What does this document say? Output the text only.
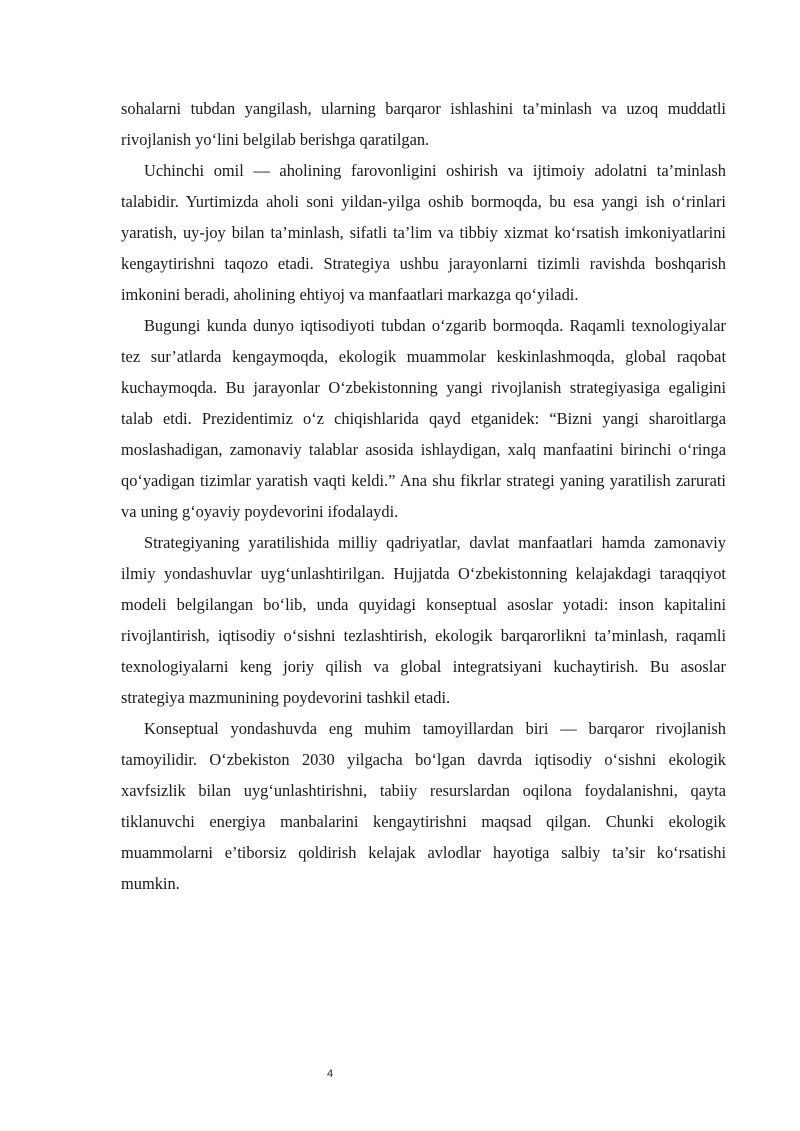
sohalarni tubdan yangilash, ularning barqaror ishlashini ta’minlash va uzoq muddatli rivojlanish yo‘lini belgilab berishga qaratilgan.

Uchinchi omil — aholining farovonligini oshirish va ijtimoiy adolatni ta’minlash talabidir. Yurtimizda aholi soni yildan-yilga oshib bormoqda, bu esa yangi ish o‘rinlari yaratish, uy-joy bilan ta’minlash, sifatli ta’lim va tibbiy xizmat ko‘rsatish imkoniyatlarini kengaytirishni taqozo etadi. Strategiya ushbu jarayonlarni tizimli ravishda boshqarish imkonini beradi, aholining ehtiyoj va manfaatlari markazga qo‘yiladi.

Bugungi kunda dunyo iqtisodiyoti tubdan o‘zgarib bormoqda. Raqamli texnologiyalar tez sur’atlarda kengaymoqda, ekologik muammolar keskinlashmoqda, global raqobat kuchaymoqda. Bu jarayonlar O‘zbekistonning yangi rivojlanish strategiyasiga egaligini talab etdi. Prezidentimiz o‘z chiqishlarida qayd etganidek: “Bizni yangi sharoitlarga moslashadigan, zamonaviy talablar asosida ishlaydigan, xalq manfaatini birinchi o‘ringa qo‘yadigan tizimlar yaratish vaqti keldi.” Ana shu fikrlar strategi yaning yaratilish zarurati va uning g‘oyaviy poydevorini ifodalaydi.

Strategiyaning yaratilishida milliy qadriyatlar, davlat manfaatlari hamda zamonaviy ilmiy yondashuvlar uyg‘unlashtirilgan. Hujjatda O‘zbekistonning kelajakdagi taraqqiyot modeli belgilangan bo‘lib, unda quyidagi konseptual asoslar yotadi: inson kapitalini rivojlantirish, iqtisodiy o‘sishni tezlashtirish, ekologik barqarorlikni ta’minlash, raqamli texnologiyalarni keng joriy qilish va global integratsiyani kuchaytirish. Bu asoslar strategiya mazmunining poydevorini tashkil etadi.

Konseptual yondashuvda eng muhim tamoyillardan biri — barqaror rivojlanish tamoyilidir. O‘zbekiston 2030 yilgacha bo‘lgan davrda iqtisodiy o‘sishni ekologik xavfsizlik bilan uyg‘unlashtirishni, tabiiy resurslardan oqilona foydalanishni, qayta tiklanuvchi energiya manbalarini kengaytirishni maqsad qilgan. Chunki ekologik muammolarni e’tiborsiz qoldirish kelajak avlodlar hayotiga salbiy ta’sir ko‘rsatishi mumkin.

4
